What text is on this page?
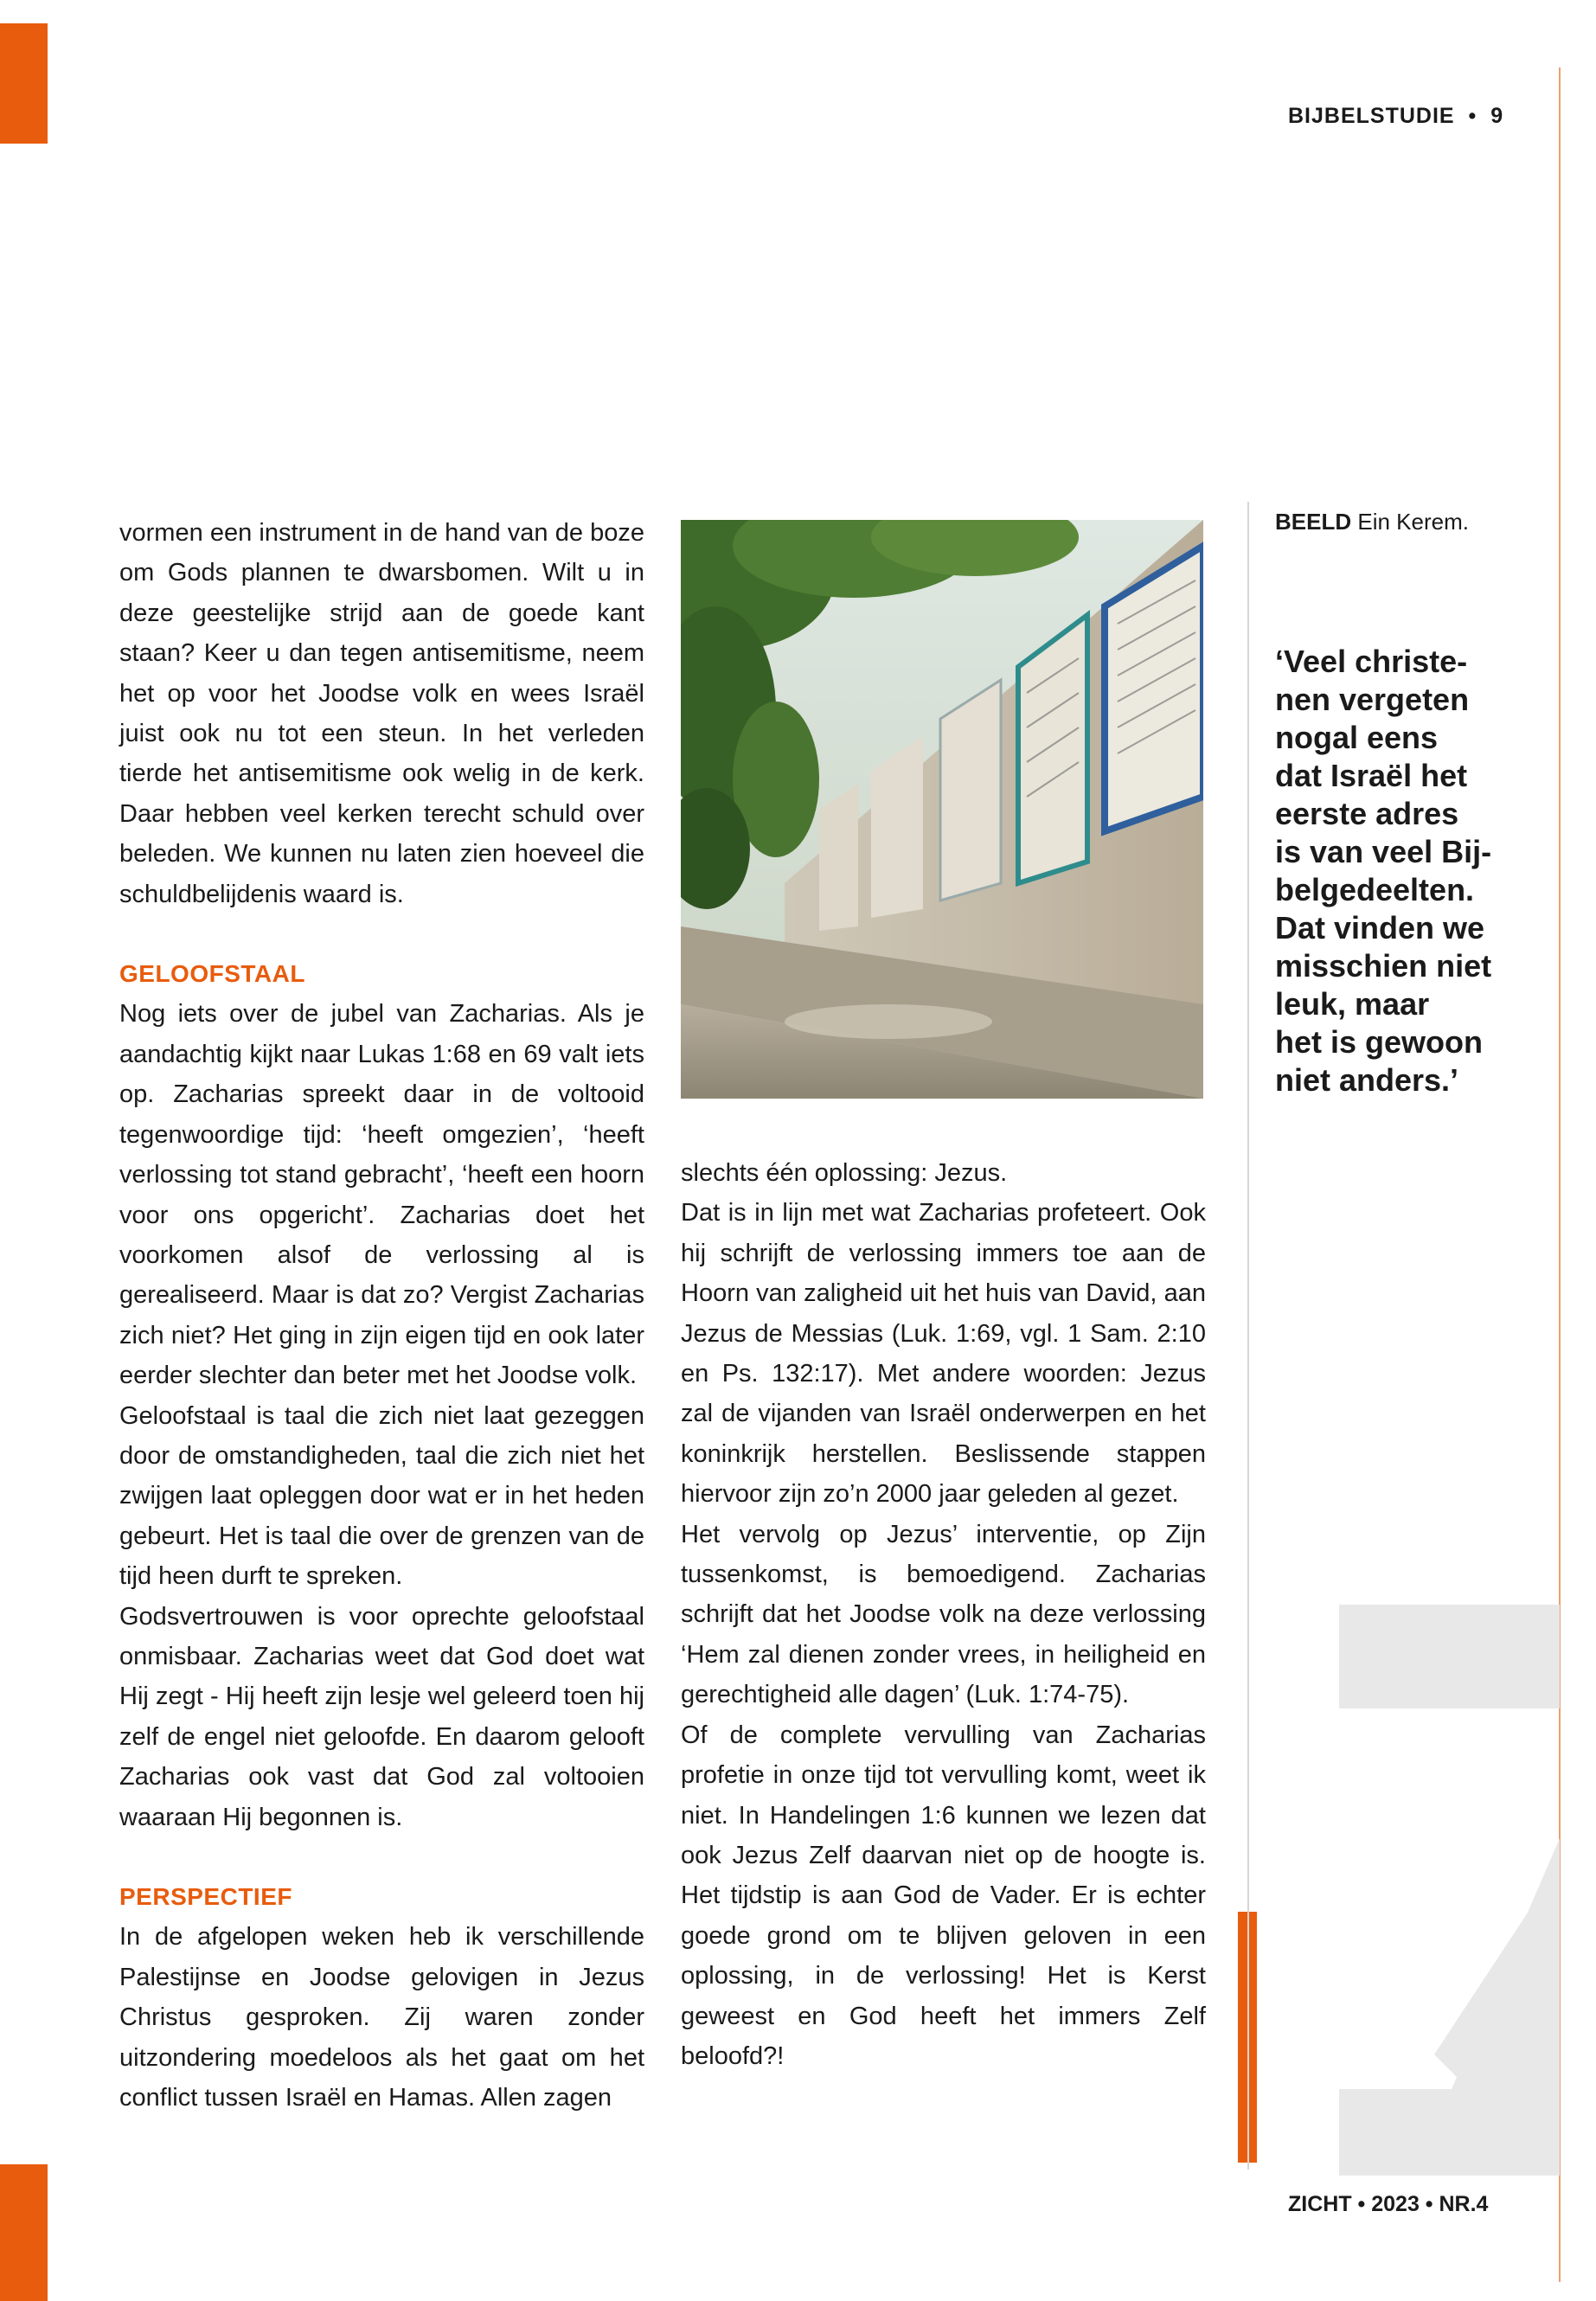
BIJBELSTUDIE • 9

vormen een instrument in de hand van de boze om Gods plannen te dwarsbomen. Wilt u in deze geestelijke strijd aan de goede kant staan? Keer u dan tegen antisemitisme, neem het op voor het Joodse volk en wees Israël juist ook nu tot een steun. In het verleden tierde het antisemitisme ook welig in de kerk. Daar hebben veel kerken terecht schuld over beleden. We kunnen nu laten zien hoeveel die schuldbelijdenis waard is.

GELOOFSTAAL

Nog iets over de jubel van Zacharias. Als je aandachtig kijkt naar Lukas 1:68 en 69 valt iets op. Zacharias spreekt daar in de voltooid tegenwoordige tijd: ‘heeft omgezien’, ‘heeft verlossing tot stand gebracht’, ‘heeft een hoorn voor ons opgericht’. Zacharias doet het voorkomen alsof de verlossing al is gerealiseerd. Maar is dat zo? Vergist Zacharias zich niet? Het ging in zijn eigen tijd en ook later eerder slechter dan beter met het Joodse volk.

Geloofstaal is taal die zich niet laat gezeggen door de omstandigheden, taal die zich niet het zwijgen laat opleggen door wat er in het heden gebeurt. Het is taal die over de grenzen van de tijd heen durft te spreken.

Godsvertrouwen is voor oprechte geloofstaal onmisbaar. Zacharias weet dat God doet wat Hij zegt - Hij heeft zijn lesje wel geleerd toen hij zelf de engel niet geloofde. En daarom gelooft Zacharias ook vast dat God zal voltooien waaraan Hij begonnen is.

PERSPECTIEF

In de afgelopen weken heb ik verschillende Palestijnse en Joodse gelovigen in Jezus Christus gesproken. Zij waren zonder uitzondering moedeloos als het gaat om het conflict tussen Israël en Hamas. Allen zagen

slechts één oplossing: Jezus.

Dat is in lijn met wat Zacharias profeteert. Ook hij schrijft de verlossing immers toe aan de Hoorn van zaligheid uit het huis van David, aan Jezus de Messias (Luk. 1:69, vgl. 1 Sam. 2:10 en Ps. 132:17). Met andere woorden: Jezus zal de vijanden van Israël onderwerpen en het koninkrijk herstellen. Beslissende stappen hiervoor zijn zo’n 2000 jaar geleden al gezet.

Het vervolg op Jezus’ interventie, op Zijn tussenkomst, is bemoedigend. Zacharias schrijft dat het Joodse volk na deze verlossing ‘Hem zal dienen zonder vrees, in heiligheid en gerechtigheid alle dagen’ (Luk. 1:74-75).

Of de complete vervulling van Zacharias profetie in onze tijd tot vervulling komt, weet ik niet. In Handelingen 1:6 kunnen we lezen dat ook Jezus Zelf daarvan niet op de hoogte is. Het tijdstip is aan God de Vader. Er is echter goede grond om te blijven geloven in een oplossing, in de verlossing! Het is Kerst geweest en God heeft het immers Zelf beloofd?!

BEELD Ein Kerem.
‘Veel christe-
nen vergeten
nogal eens
dat Israël het
eerste adres
is van veel Bij-
belgedeelten.
Dat vinden we
misschien niet
leuk, maar
het is gewoon
niet anders.’
ZICHT • 2023 • NR.4
